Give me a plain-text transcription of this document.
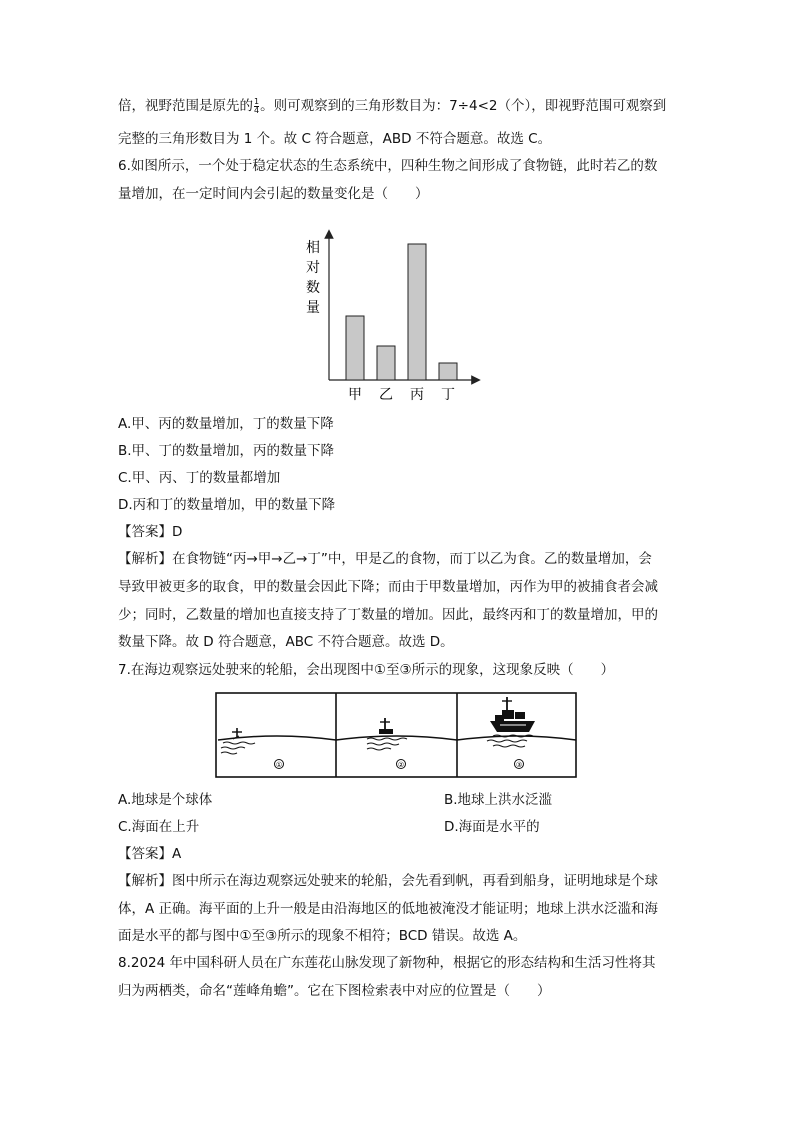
倍，视野范围是原先的 $\frac{1}{4}$ 。则可观察到的三角形数目为：7÷4<2（个），即视野范围可观察到
完整的三角形数目为 1 个。故 C 符合题意，ABD 不符合题意。故选 C。
6.如图所示，一个处于稳定状态的生态系统中，四种生物之间形成了食物链，此时若乙的数
量增加，在一定时间内会引起的数量变化是（　　）
相
对
数
量
甲 乙 丙 丁
A.甲、丙的数量增加，丁的数量下降
B.甲、丁的数量增加，丙的数量下降
C.甲、丙、丁的数量都增加
D.丙和丁的数量增加，甲的数量下降
【答案】D
【解析】在食物链“丙→甲→乙→丁”中，甲是乙的食物，而丁以乙为食。乙的数量增加，会
导致甲被更多的取食，甲的数量会因此下降；而由于甲数量增加，丙作为甲的被捕食者会减
少；同时，乙数量的增加也直接支持了丁数量的增加。因此，最终丙和丁的数量增加，甲的
数量下降。故 D 符合题意，ABC 不符合题意。故选 D。
7.在海边观察远处驶来的轮船，会出现图中①至③所示的现象，这现象反映（　　）
①	②	③
A.地球是个球体	B.地球上洪水泛滥
C.海面在上升	D.海面是水平的
【答案】A
【解析】图中所示在海边观察远处驶来的轮船，会先看到帆，再看到船身，证明地球是个球
体，A 正确。海平面的上升一般是由沿海地区的低地被淹没才能证明；地球上洪水泛滥和海
面是水平的都与图中①至③所示的现象不相符；BCD 错误。故选 A。
8.2024 年中国科研人员在广东莲花山脉发现了新物种，根据它的形态结构和生活习性将其
归为两栖类，命名“莲峰角蟾”。它在下图检索表中对应的位置是（　　）
